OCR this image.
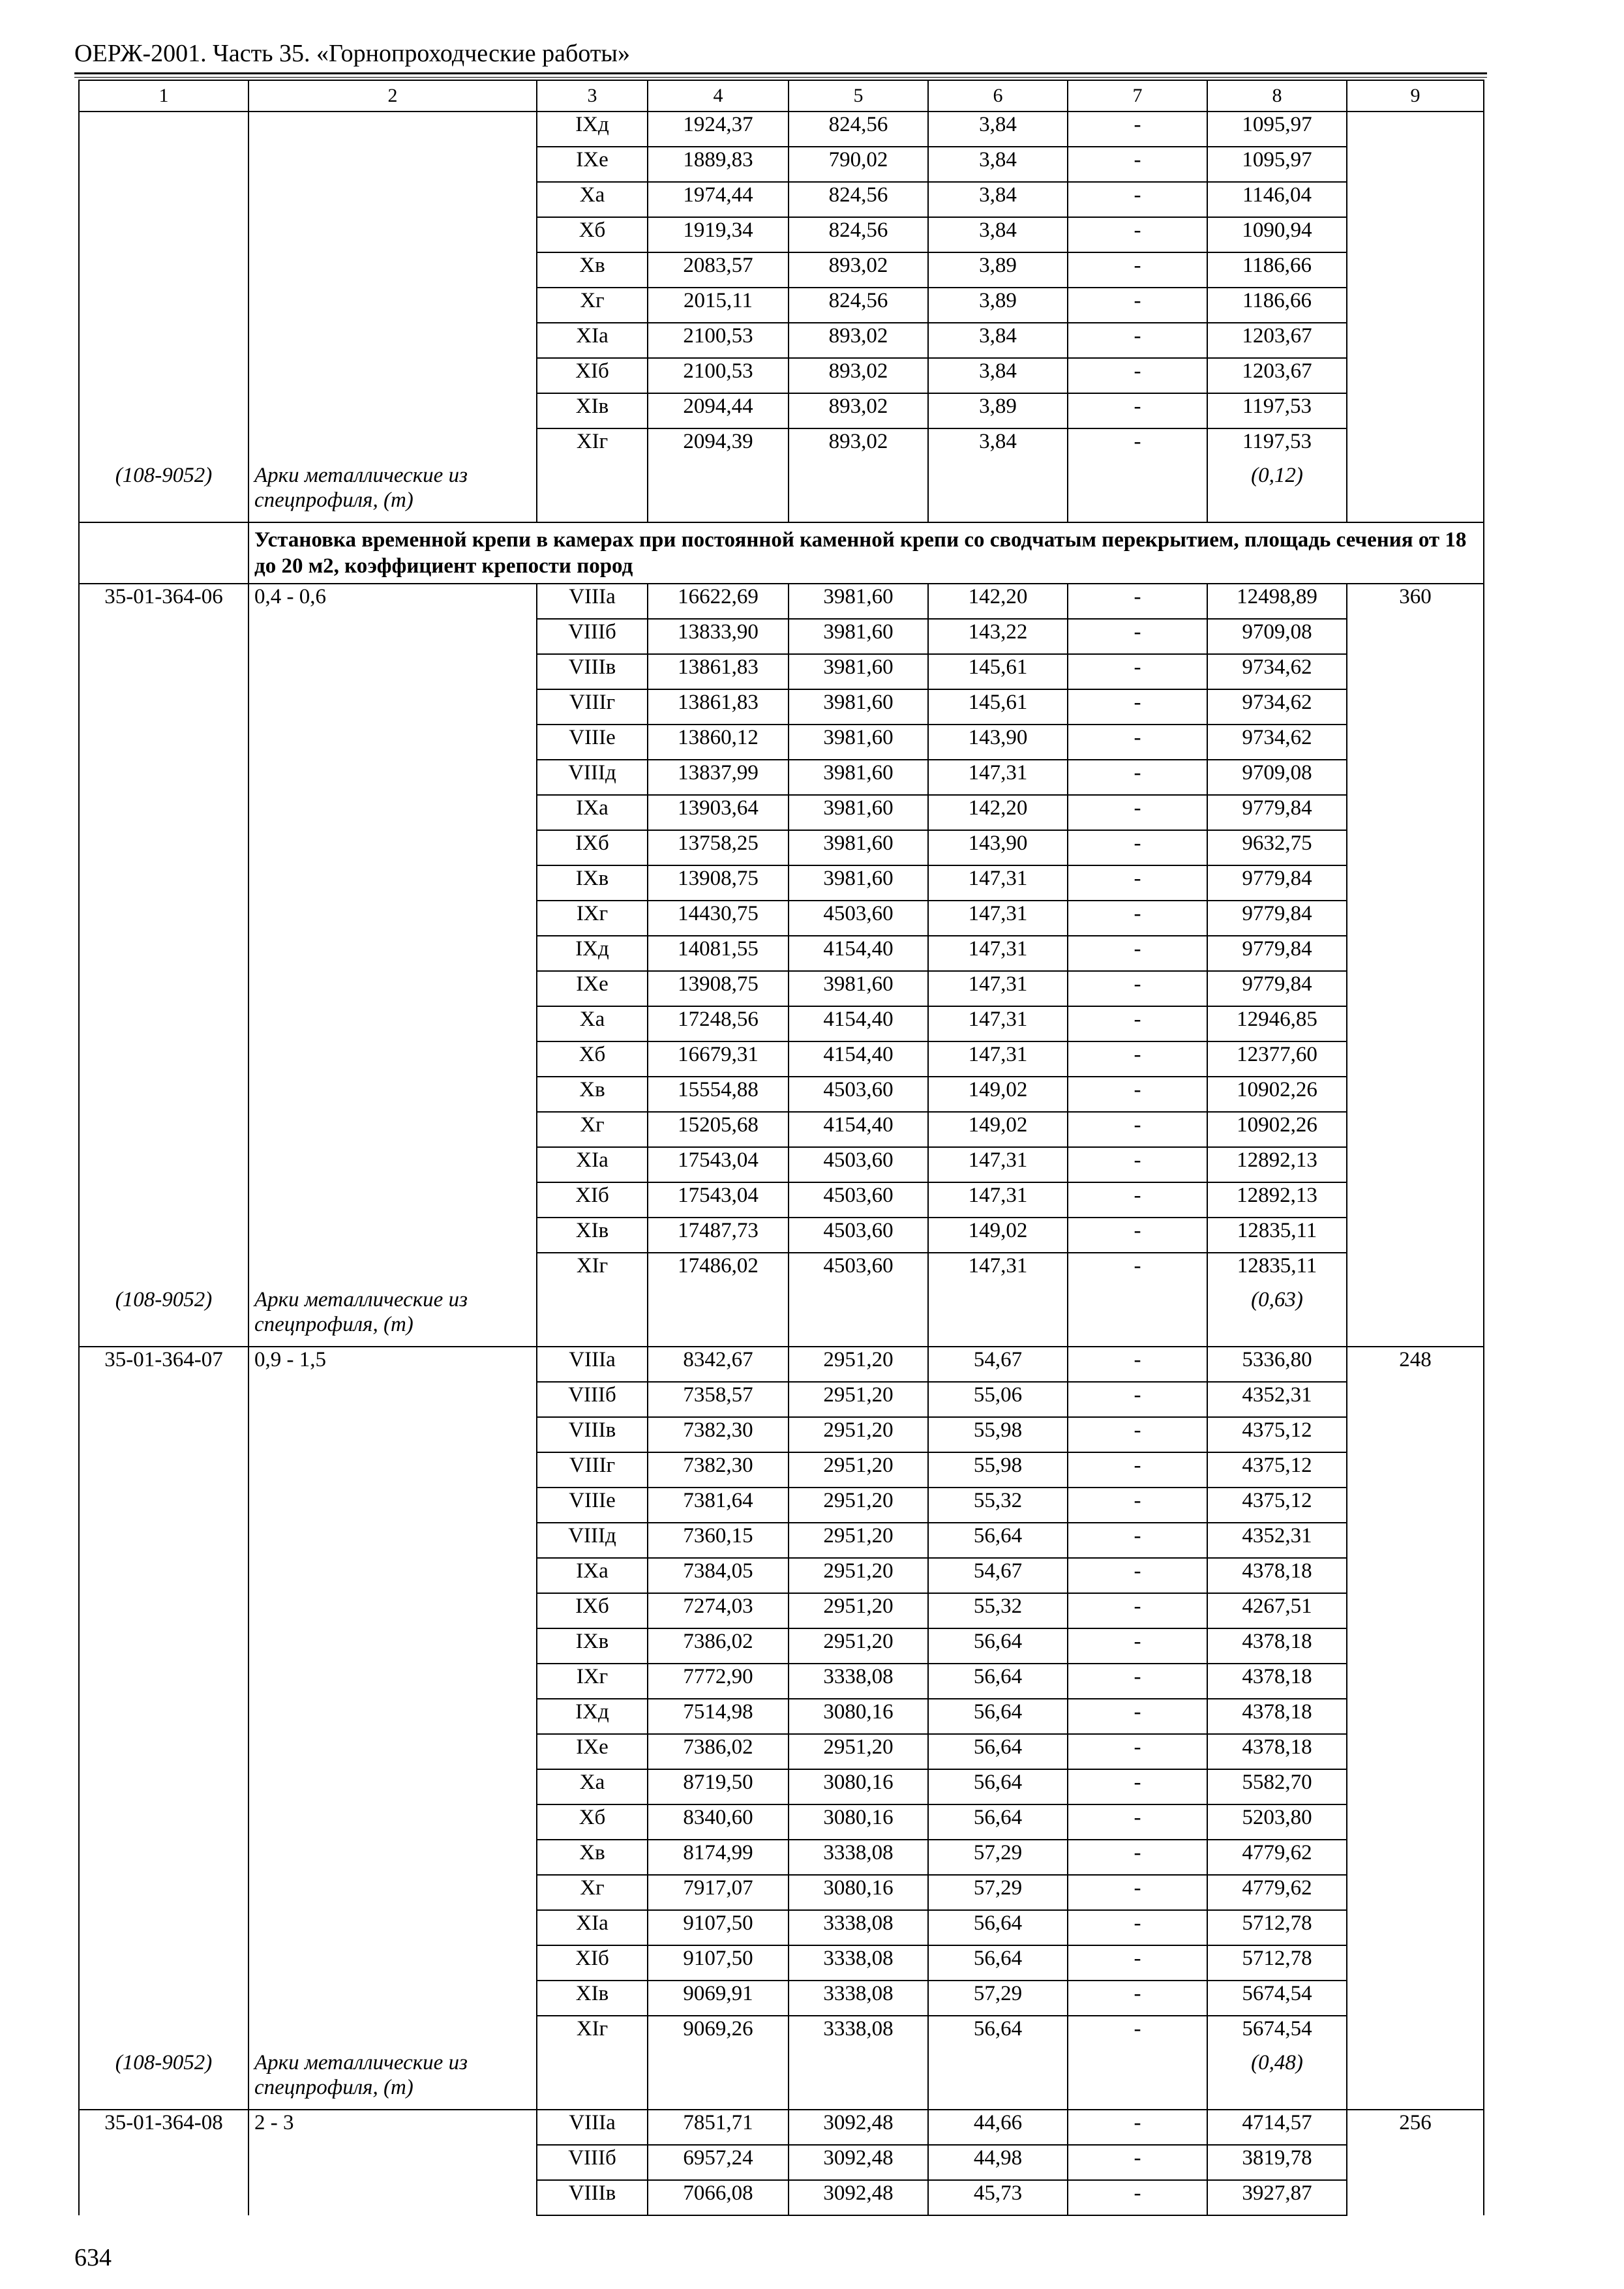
ОЕРЖ-2001. Часть 35. «Горнопроходческие работы»
1	2	3	4	5	6	7	8	9
		IXд	1924,37	824,56	3,84	-	1095,97	
		IXе	1889,83	790,02	3,84	-	1095,97	
		Xа	1974,44	824,56	3,84	-	1146,04	
		Xб	1919,34	824,56	3,84	-	1090,94	
		Xв	2083,57	893,02	3,89	-	1186,66	
		Xг	2015,11	824,56	3,89	-	1186,66	
		XIа	2100,53	893,02	3,84	-	1203,67	
		XIб	2100,53	893,02	3,84	-	1203,67	
		XIв	2094,44	893,02	3,89	-	1197,53	
		XIг	2094,39	893,02	3,84	-	1197,53	
(108-9052)	Арки металлические из спецпрофиля, (т)						(0,12)	
	Установка временной крепи в камерах при постоянной каменной крепи со сводчатым перекрытием, площадь сечения от 18 до 20 м2, коэффициент крепости пород							
35-01-364-06	0,4 - 0,6	VIIIа	16622,69	3981,60	142,20	-	12498,89	360
		VIIIб	13833,90	3981,60	143,22	-	9709,08	
		VIIIв	13861,83	3981,60	145,61	-	9734,62	
		VIIIг	13861,83	3981,60	145,61	-	9734,62	
		VIIIе	13860,12	3981,60	143,90	-	9734,62	
		VIIIд	13837,99	3981,60	147,31	-	9709,08	
		IXа	13903,64	3981,60	142,20	-	9779,84	
		IXб	13758,25	3981,60	143,90	-	9632,75	
		IXв	13908,75	3981,60	147,31	-	9779,84	
		IXг	14430,75	4503,60	147,31	-	9779,84	
		IXд	14081,55	4154,40	147,31	-	9779,84	
		IXе	13908,75	3981,60	147,31	-	9779,84	
		Xа	17248,56	4154,40	147,31	-	12946,85	
		Xб	16679,31	4154,40	147,31	-	12377,60	
		Xв	15554,88	4503,60	149,02	-	10902,26	
		Xг	15205,68	4154,40	149,02	-	10902,26	
		XIа	17543,04	4503,60	147,31	-	12892,13	
		XIб	17543,04	4503,60	147,31	-	12892,13	
		XIв	17487,73	4503,60	149,02	-	12835,11	
		XIг	17486,02	4503,60	147,31	-	12835,11	
(108-9052)	Арки металлические из спецпрофиля, (т)						(0,63)	
35-01-364-07	0,9 - 1,5	VIIIа	8342,67	2951,20	54,67	-	5336,80	248
		VIIIб	7358,57	2951,20	55,06	-	4352,31	
		VIIIв	7382,30	2951,20	55,98	-	4375,12	
		VIIIг	7382,30	2951,20	55,98	-	4375,12	
		VIIIе	7381,64	2951,20	55,32	-	4375,12	
		VIIIд	7360,15	2951,20	56,64	-	4352,31	
		IXа	7384,05	2951,20	54,67	-	4378,18	
		IXб	7274,03	2951,20	55,32	-	4267,51	
		IXв	7386,02	2951,20	56,64	-	4378,18	
		IXг	7772,90	3338,08	56,64	-	4378,18	
		IXд	7514,98	3080,16	56,64	-	4378,18	
		IXе	7386,02	2951,20	56,64	-	4378,18	
		Xа	8719,50	3080,16	56,64	-	5582,70	
		Xб	8340,60	3080,16	56,64	-	5203,80	
		Xв	8174,99	3338,08	57,29	-	4779,62	
		Xг	7917,07	3080,16	57,29	-	4779,62	
		XIа	9107,50	3338,08	56,64	-	5712,78	
		XIб	9107,50	3338,08	56,64	-	5712,78	
		XIв	9069,91	3338,08	57,29	-	5674,54	
		XIг	9069,26	3338,08	56,64	-	5674,54	
(108-9052)	Арки металлические из спецпрофиля, (т)						(0,48)	
35-01-364-08	2 - 3	VIIIа	7851,71	3092,48	44,66	-	4714,57	256
		VIIIб	6957,24	3092,48	44,98	-	3819,78	
		VIIIв	7066,08	3092,48	45,73	-	3927,87	
634
